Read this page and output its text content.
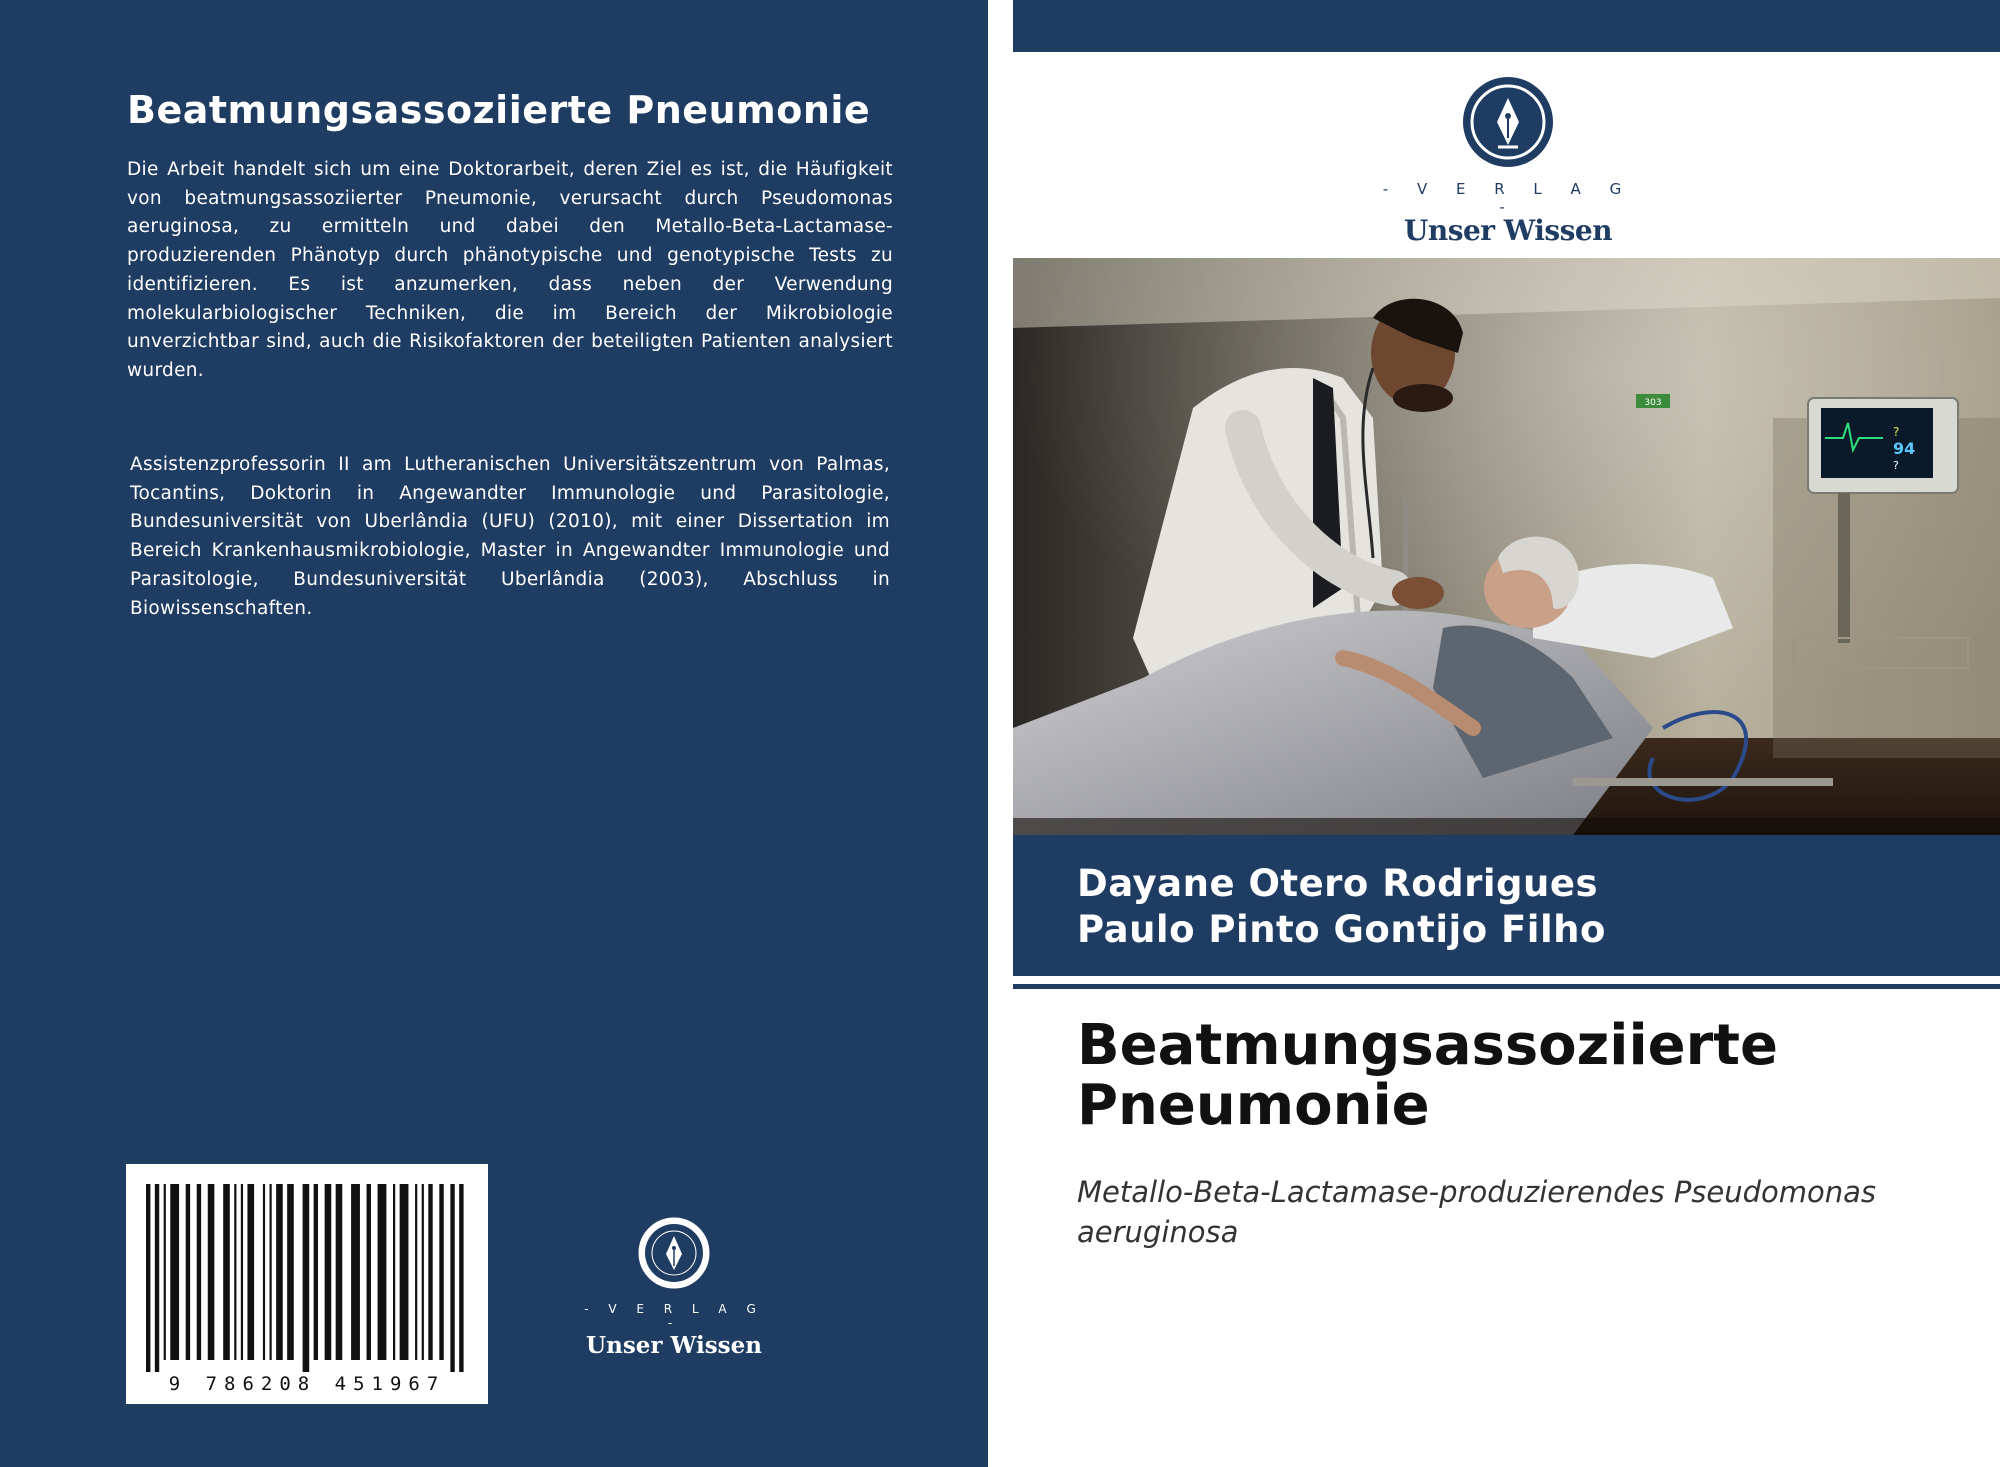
Beatmungsassoziierte Pneumonie

Die Arbeit handelt sich um eine Doktorarbeit, deren Ziel es ist, die Häufigkeit von beatmungsassoziierter Pneumonie, verursacht durch Pseudomonas aeruginosa, zu ermitteln und dabei den Metallo-Beta-Lactamase-produzierenden Phänotyp durch phänotypische und genotypische Tests zu identifizieren. Es ist anzumerken, dass neben der Verwendung molekularbiologischer Techniken, die im Bereich der Mikrobiologie unverzichtbar sind, auch die Risikofaktoren der beteiligten Patienten analysiert wurden.

Assistenzprofessorin II am Lutheranischen Universitätszentrum von Palmas, Tocantins, Doktorin in Angewandter Immunologie und Parasitologie, Bundesuniversität von Uberlândia (UFU) (2010), mit einer Dissertation im Bereich Krankenhausmikrobiologie, Master in Angewandter Immunologie und Parasitologie, Bundesuniversität Uberlândia (2003), Abschluss in Biowissenschaften.

9 786208 451967
- V E R L A G -
Unser Wissen
- V E R L A G -
Unser Wissen
303
?
94
?

Dayane Otero Rodrigues

Paulo Pinto Gontijo Filho

Beatmungsassoziierte
Pneumonie

Metallo-Beta-Lactamase-produzierendes Pseudomonas aeruginosa
